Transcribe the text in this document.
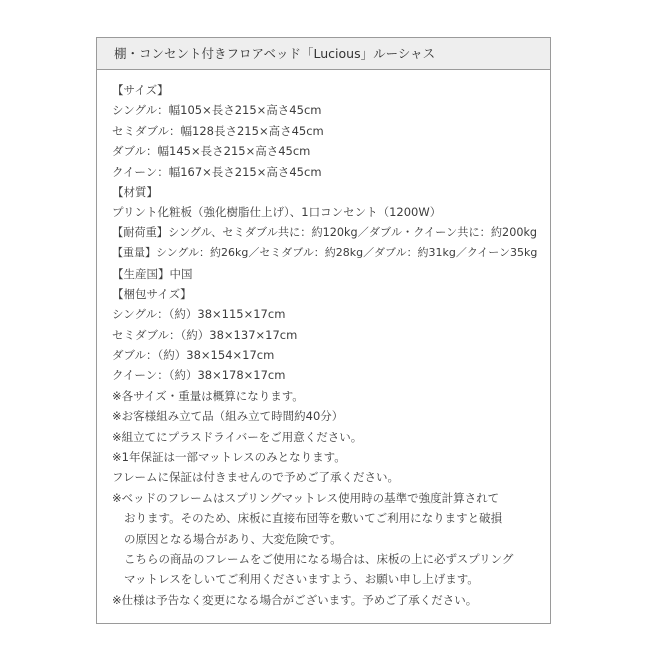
棚・コンセント付きフロアベッド「Lucious」ルーシャス
【サイズ】
シングル：幅105×長さ215×高さ45cm
セミダブル：幅128長さ215×高さ45cm
ダブル：幅145×長さ215×高さ45cm
クイーン：幅167×長さ215×高さ45cm
【材質】
プリント化粧板（強化樹脂仕上げ）、1口コンセント（1200W）
【耐荷重】シングル、セミダブル共に：約120kg／ダブル・クイーン共に：約200kg
【重量】シングル：約26kg／セミダブル：約28kg／ダブル：約31kg／クイーン35kg
【生産国】中国
【梱包サイズ】
シングル：（約）38×115×17cm
セミダブル：（約）38×137×17cm
ダブル：（約）38×154×17cm
クイーン：（約）38×178×17cm
※各サイズ・重量は概算になります。
※お客様組み立て品（組み立て時間約40分）
※組立てにプラスドライバーをご用意ください。
※1年保証は一部マットレスのみとなります。
フレームに保証は付きませんので予めご了承ください。
※ベッドのフレームはスプリングマットレス使用時の基準で強度計算されて
おります。そのため、床板に直接布団等を敷いてご利用になりますと破損
の原因となる場合があり、大変危険です。
こちらの商品のフレームをご使用になる場合は、床板の上に必ずスプリング
マットレスをしいてご利用くださいますよう、お願い申し上げます。
※仕様は予告なく変更になる場合がございます。予めご了承ください。
